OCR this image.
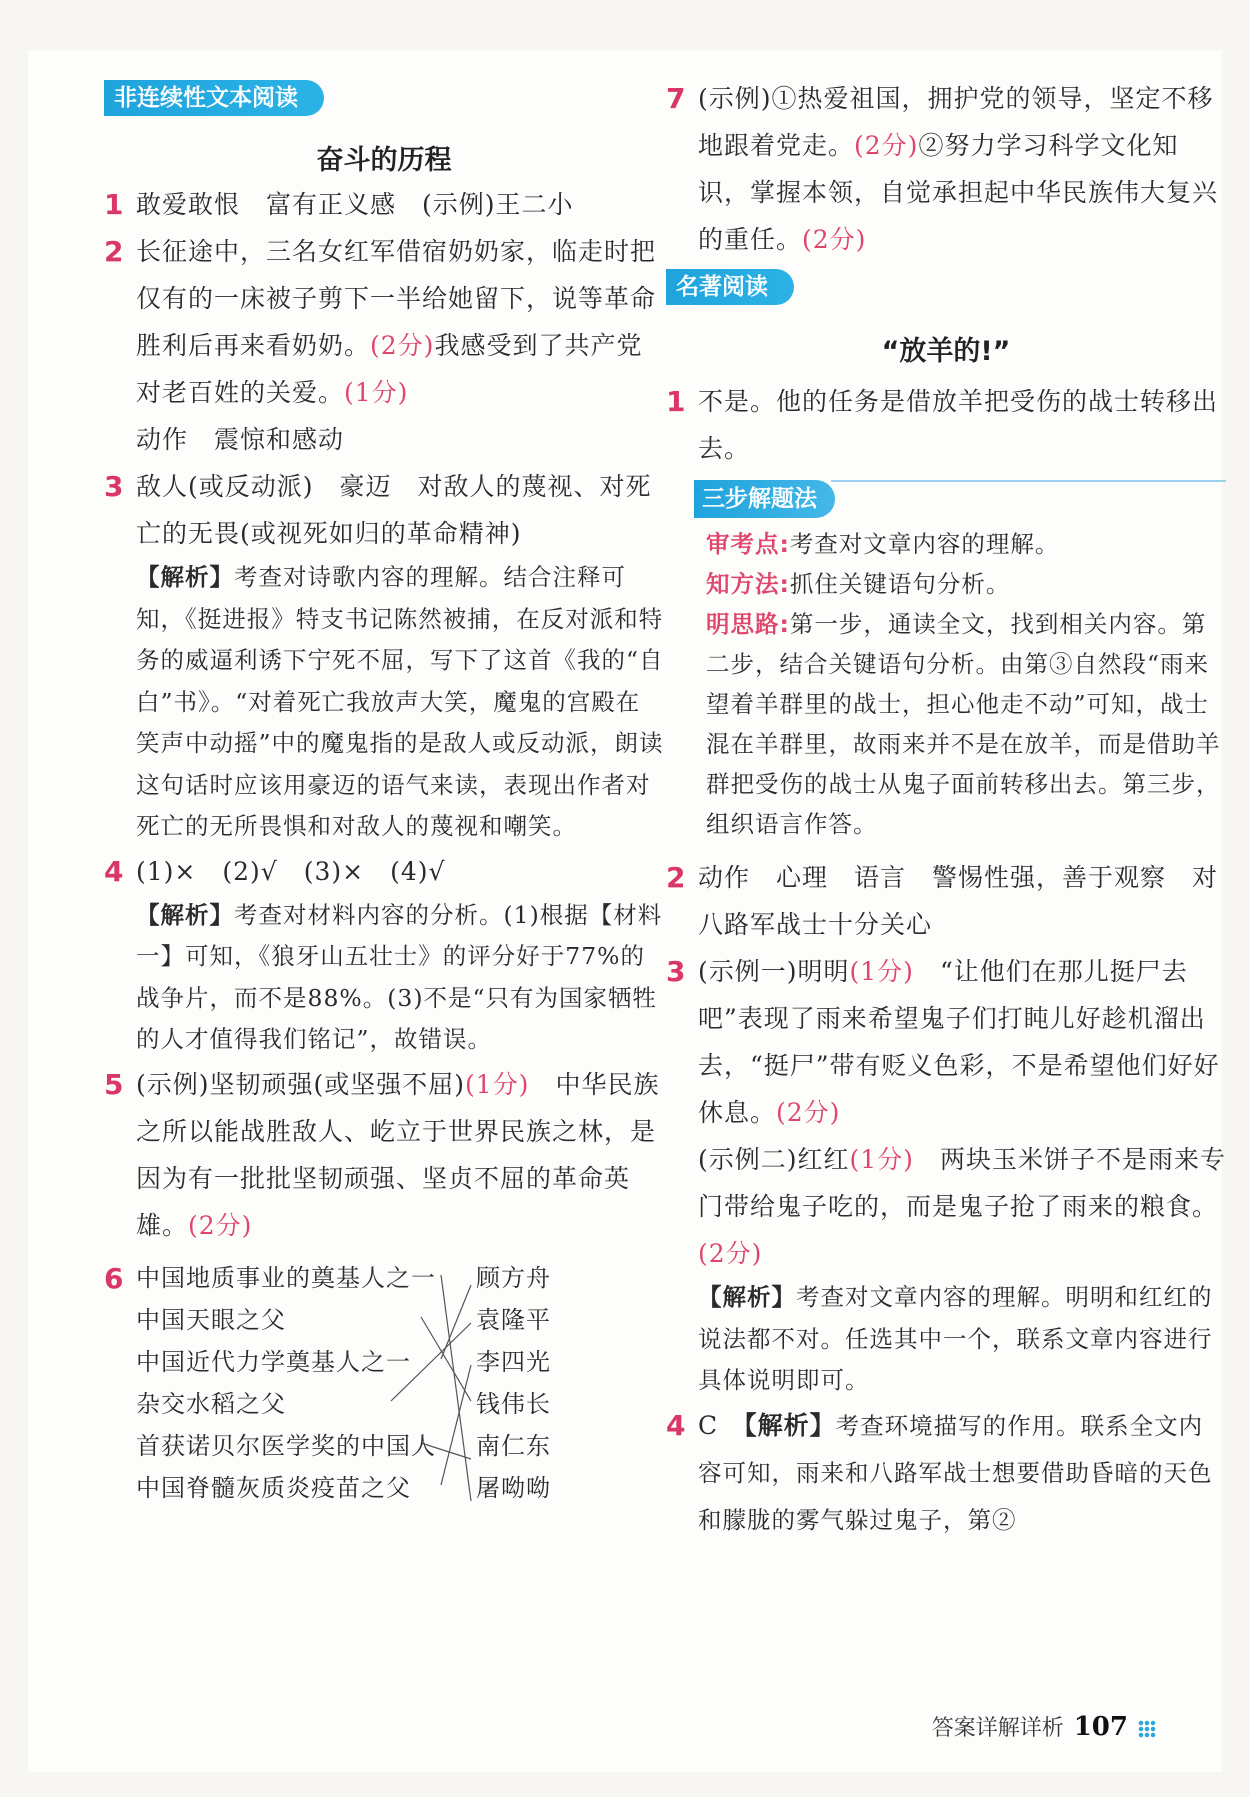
非连续性文本阅读
奋斗的历程
1 敢爱敢恨　富有正义感　(示例)王二小
2 长征途中，三名女红军借宿奶奶家，临走时把仅有的一床被子剪下一半给她留下，说等革命胜利后再来看奶奶。(2分)我感受到了共产党对老百姓的关爱。(1分)
动作　震惊和感动
3 敌人(或反动派)　豪迈　对敌人的蔑视、对死亡的无畏(或视死如归的革命精神)
【解析】考查对诗歌内容的理解。结合注释可知，《挺进报》特支书记陈然被捕，在反对派和特务的威逼利诱下宁死不屈，写下了这首《我的“自白”书》。“对着死亡我放声大笑，魔鬼的宫殿在笑声中动摇”中的魔鬼指的是敌人或反动派，朗读这句话时应该用豪迈的语气来读，表现出作者对死亡的无所畏惧和对敌人的蔑视和嘲笑。
4 (1)×　(2)√　(3)×　(4)√
【解析】考查对材料内容的分析。(1)根据【材料一】可知，《狼牙山五壮士》的评分好于77%的战争片，而不是88%。(3)不是“只有为国家牺牲的人才值得我们铭记”，故错误。
5 (示例)坚韧顽强(或坚强不屈)(1分)　中华民族之所以能战胜敌人、屹立于世界民族之林，是因为有一批批坚韧顽强、坚贞不屈的革命英雄。(2分)
6 中国地质事业的奠基人之一
中国天眼之父
中国近代力学奠基人之一
杂交水稻之父
首获诺贝尔医学奖的中国人
中国脊髓灰质炎疫苗之父
顾方舟
袁隆平
李四光
钱伟长
南仁东
屠呦呦
7 (示例)①热爱祖国，拥护党的领导，坚定不移地跟着党走。(2分)②努力学习科学文化知识，掌握本领，自觉承担起中华民族伟大复兴的重任。(2分)
名著阅读
“放羊的!”
1 不是。他的任务是借放羊把受伤的战士转移出去。
三步解题法
审考点:考查对文章内容的理解。
知方法:抓住关键语句分析。
明思路:第一步，通读全文，找到相关内容。第二步，结合关键语句分析。由第③自然段“雨来望着羊群里的战士，担心他走不动”可知，战士混在羊群里，故雨来并不是在放羊，而是借助羊群把受伤的战士从鬼子面前转移出去。第三步，组织语言作答。
2 动作　心理　语言　警惕性强，善于观察　对八路军战士十分关心
3 (示例一)明明(1分)　“让他们在那儿挺尸去吧”表现了雨来希望鬼子们打盹儿好趁机溜出去，“挺尸”带有贬义色彩，不是希望他们好好休息。(2分)
(示例二)红红(1分)　两块玉米饼子不是雨来专门带给鬼子吃的，而是鬼子抢了雨来的粮食。(2分)
【解析】考查对文章内容的理解。明明和红红的说法都不对。任选其中一个，联系文章内容进行具体说明即可。
4 C　【解析】考查环境描写的作用。联系全文内容可知，雨来和八路军战士想要借助昏暗的天色和朦胧的雾气躲过鬼子，第②
答案详解详析 107
